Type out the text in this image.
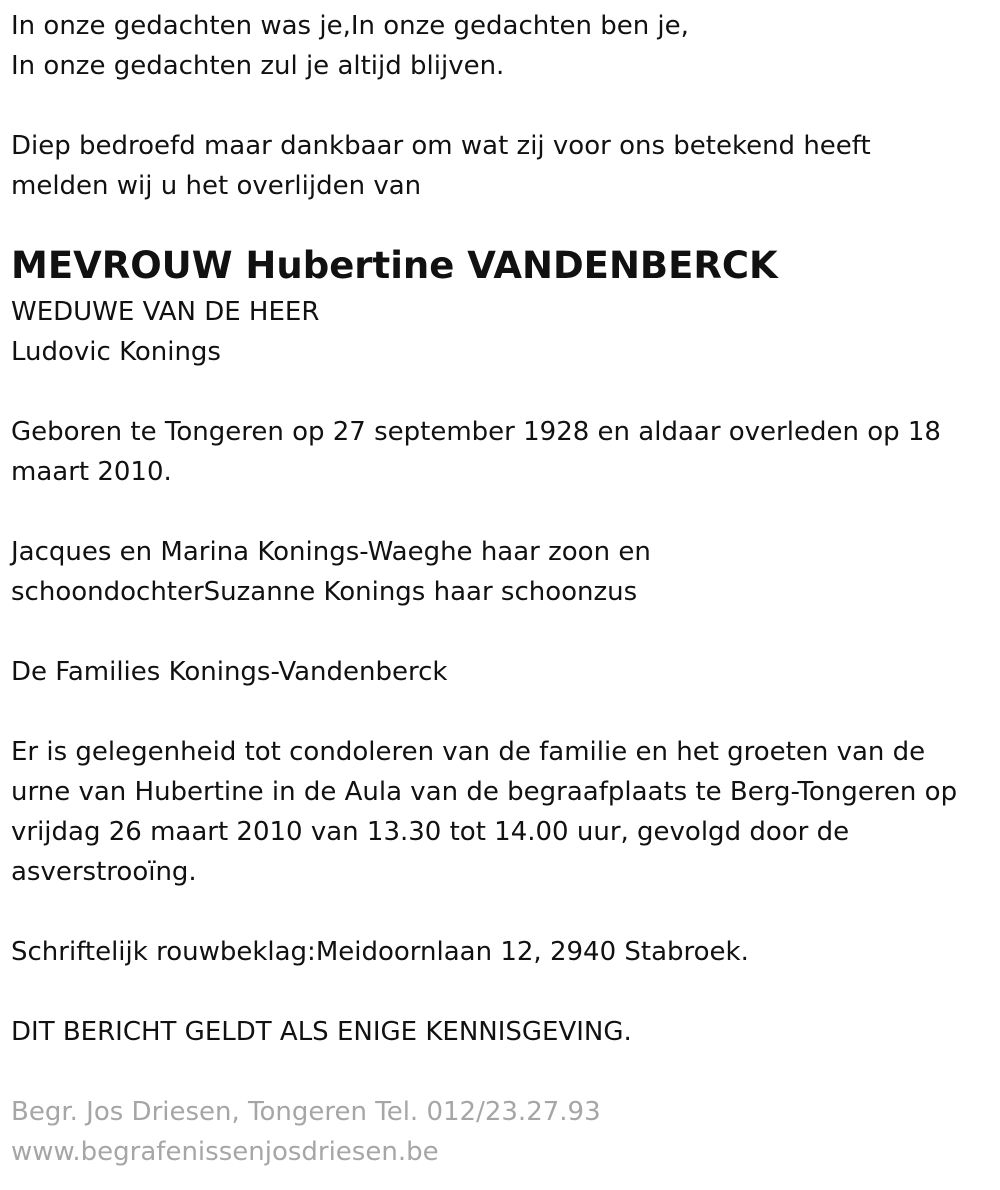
In onze gedachten was je,In onze gedachten ben je,

In onze gedachten zul je altijd blijven.

Diep bedroefd maar dankbaar om wat zij voor ons betekend heeft

melden wij u het overlijden van

MEVROUW Hubertine VANDENBERCK

WEDUWE VAN DE HEER

Ludovic Konings

Geboren te Tongeren op 27 september 1928 en aldaar overleden op 18

maart 2010.

Jacques en Marina Konings-Waeghe haar zoon en

schoondochterSuzanne Konings haar schoonzus

De Families Konings-Vandenberck

Er is gelegenheid tot condoleren van de familie en het groeten van de

urne van Hubertine in de Aula van de begraafplaats te Berg-Tongeren op

vrijdag 26 maart 2010 van 13.30 tot 14.00 uur, gevolgd door de

asverstrooïng.

Schriftelijk rouwbeklag:Meidoornlaan 12, 2940 Stabroek.

DIT BERICHT GELDT ALS ENIGE KENNISGEVING.

Begr. Jos Driesen, Tongeren Tel. 012/23.27.93

www.begrafenissenjosdriesen.be
